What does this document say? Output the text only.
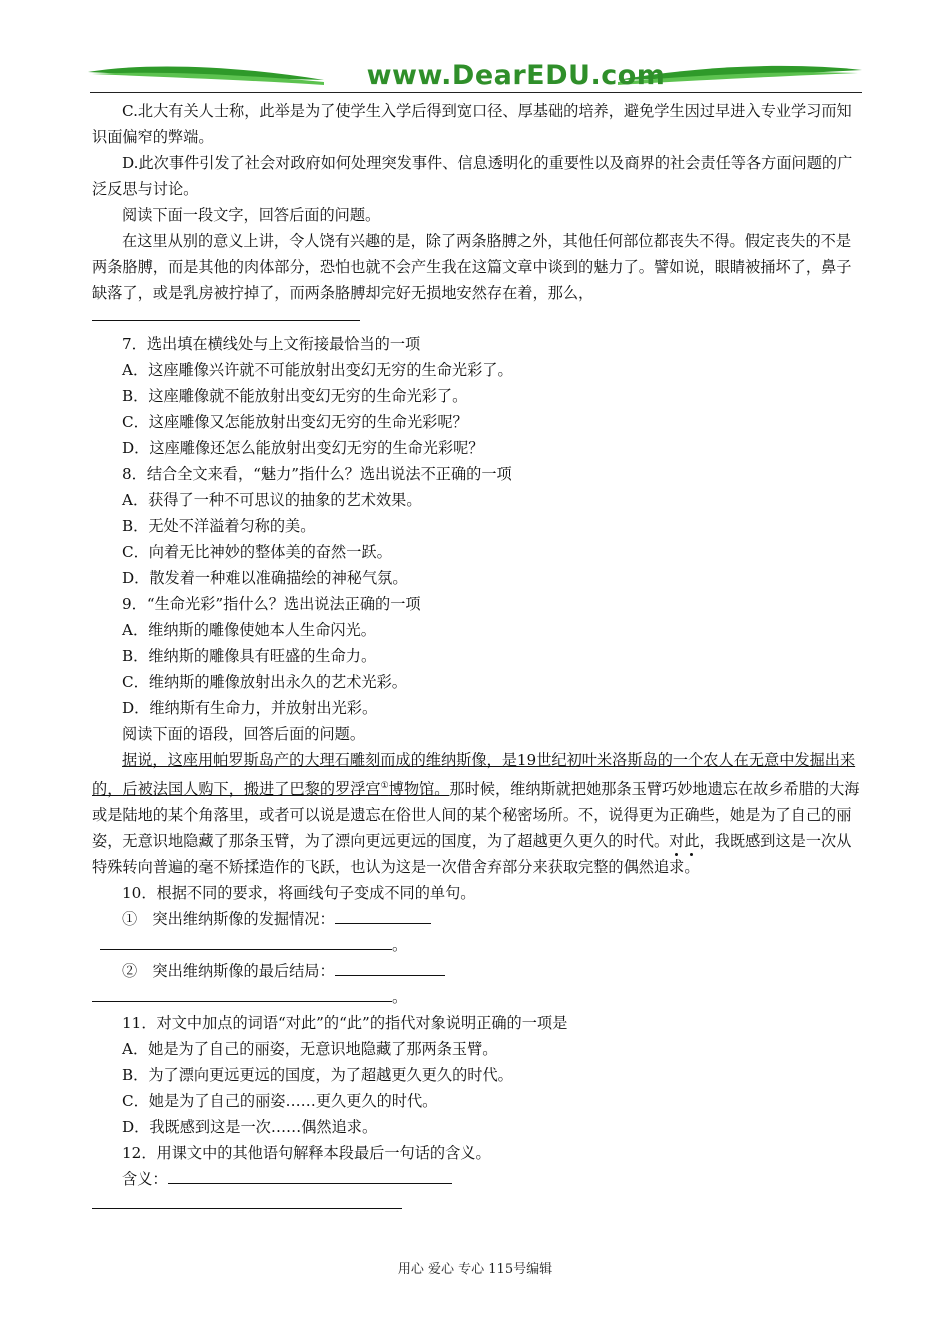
www.DearEDU.com

C.北大有关人士称，此举是为了使学生入学后得到宽口径、厚基础的培养，避免学生因过早进入专业学习而知识面偏窄的弊端。

D.此次事件引发了社会对政府如何处理突发事件、信息透明化的重要性以及商界的社会责任等各方面问题的广泛反思与讨论。

阅读下面一段文字，回答后面的问题。

在这里从别的意义上讲，令人饶有兴趣的是，除了两条胳膊之外，其他任何部位都丧失不得。假定丧失的不是两条胳膊，而是其他的肉体部分，恐怕也就不会产生我在这篇文章中谈到的魅力了。譬如说，眼睛被捅坏了，鼻子缺落了，或是乳房被拧掉了，而两条胳膊却完好无损地安然存在着，那么，

7．选出填在横线处与上文衔接最恰当的一项

A．这座雕像兴许就不可能放射出变幻无穷的生命光彩了。

B．这座雕像就不能放射出变幻无穷的生命光彩了。

C．这座雕像又怎能放射出变幻无穷的生命光彩呢？

D．这座雕像还怎么能放射出变幻无穷的生命光彩呢？

8．结合全文来看，“魅力”指什么？选出说法不正确的一项

A．获得了一种不可思议的抽象的艺术效果。

B．无处不洋溢着匀称的美。

C．向着无比神妙的整体美的奋然一跃。

D．散发着一种难以准确描绘的神秘气氛。

9．“生命光彩”指什么？选出说法正确的一项

A．维纳斯的雕像使她本人生命闪光。

B．维纳斯的雕像具有旺盛的生命力。

C．维纳斯的雕像放射出永久的艺术光彩。

D．维纳斯有生命力，并放射出光彩。

阅读下面的语段，回答后面的问题。

据说，这座用帕罗斯岛产的大理石雕刻而成的维纳斯像，是19世纪初叶米洛斯岛的一个农人在无意中发掘出来的，后被法国人购下，搬进了巴黎的罗浮宫①博物馆。那时候，维纳斯就把她那条玉臂巧妙地遗忘在故乡希腊的大海或是陆地的某个角落里，或者可以说是遗忘在俗世人间的某个秘密场所。不，说得更为正确些，她是为了自己的丽姿，无意识地隐藏了那条玉臂，为了漂向更远更远的国度，为了超越更久更久的时代。对此，我既感到这是一次从特殊转向普遍的毫不矫揉造作的飞跃，也认为这是一次借舍弃部分来获取完整的偶然追求。

10．根据不同的要求，将画线句子变成不同的单句。

①　突出维纳斯像的发掘情况：

。

②　突出维纳斯像的最后结局：

。

11．对文中加点的词语“对此”的“此”的指代对象说明正确的一项是

A．她是为了自己的丽姿，无意识地隐藏了那两条玉臂。

B．为了漂向更远更远的国度，为了超越更久更久的时代。

C．她是为了自己的丽姿……更久更久的时代。

D．我既感到这是一次……偶然追求。

12．用课文中的其他语句解释本段最后一句话的含义。

含义：

用心 爱心 专心 115号编辑
